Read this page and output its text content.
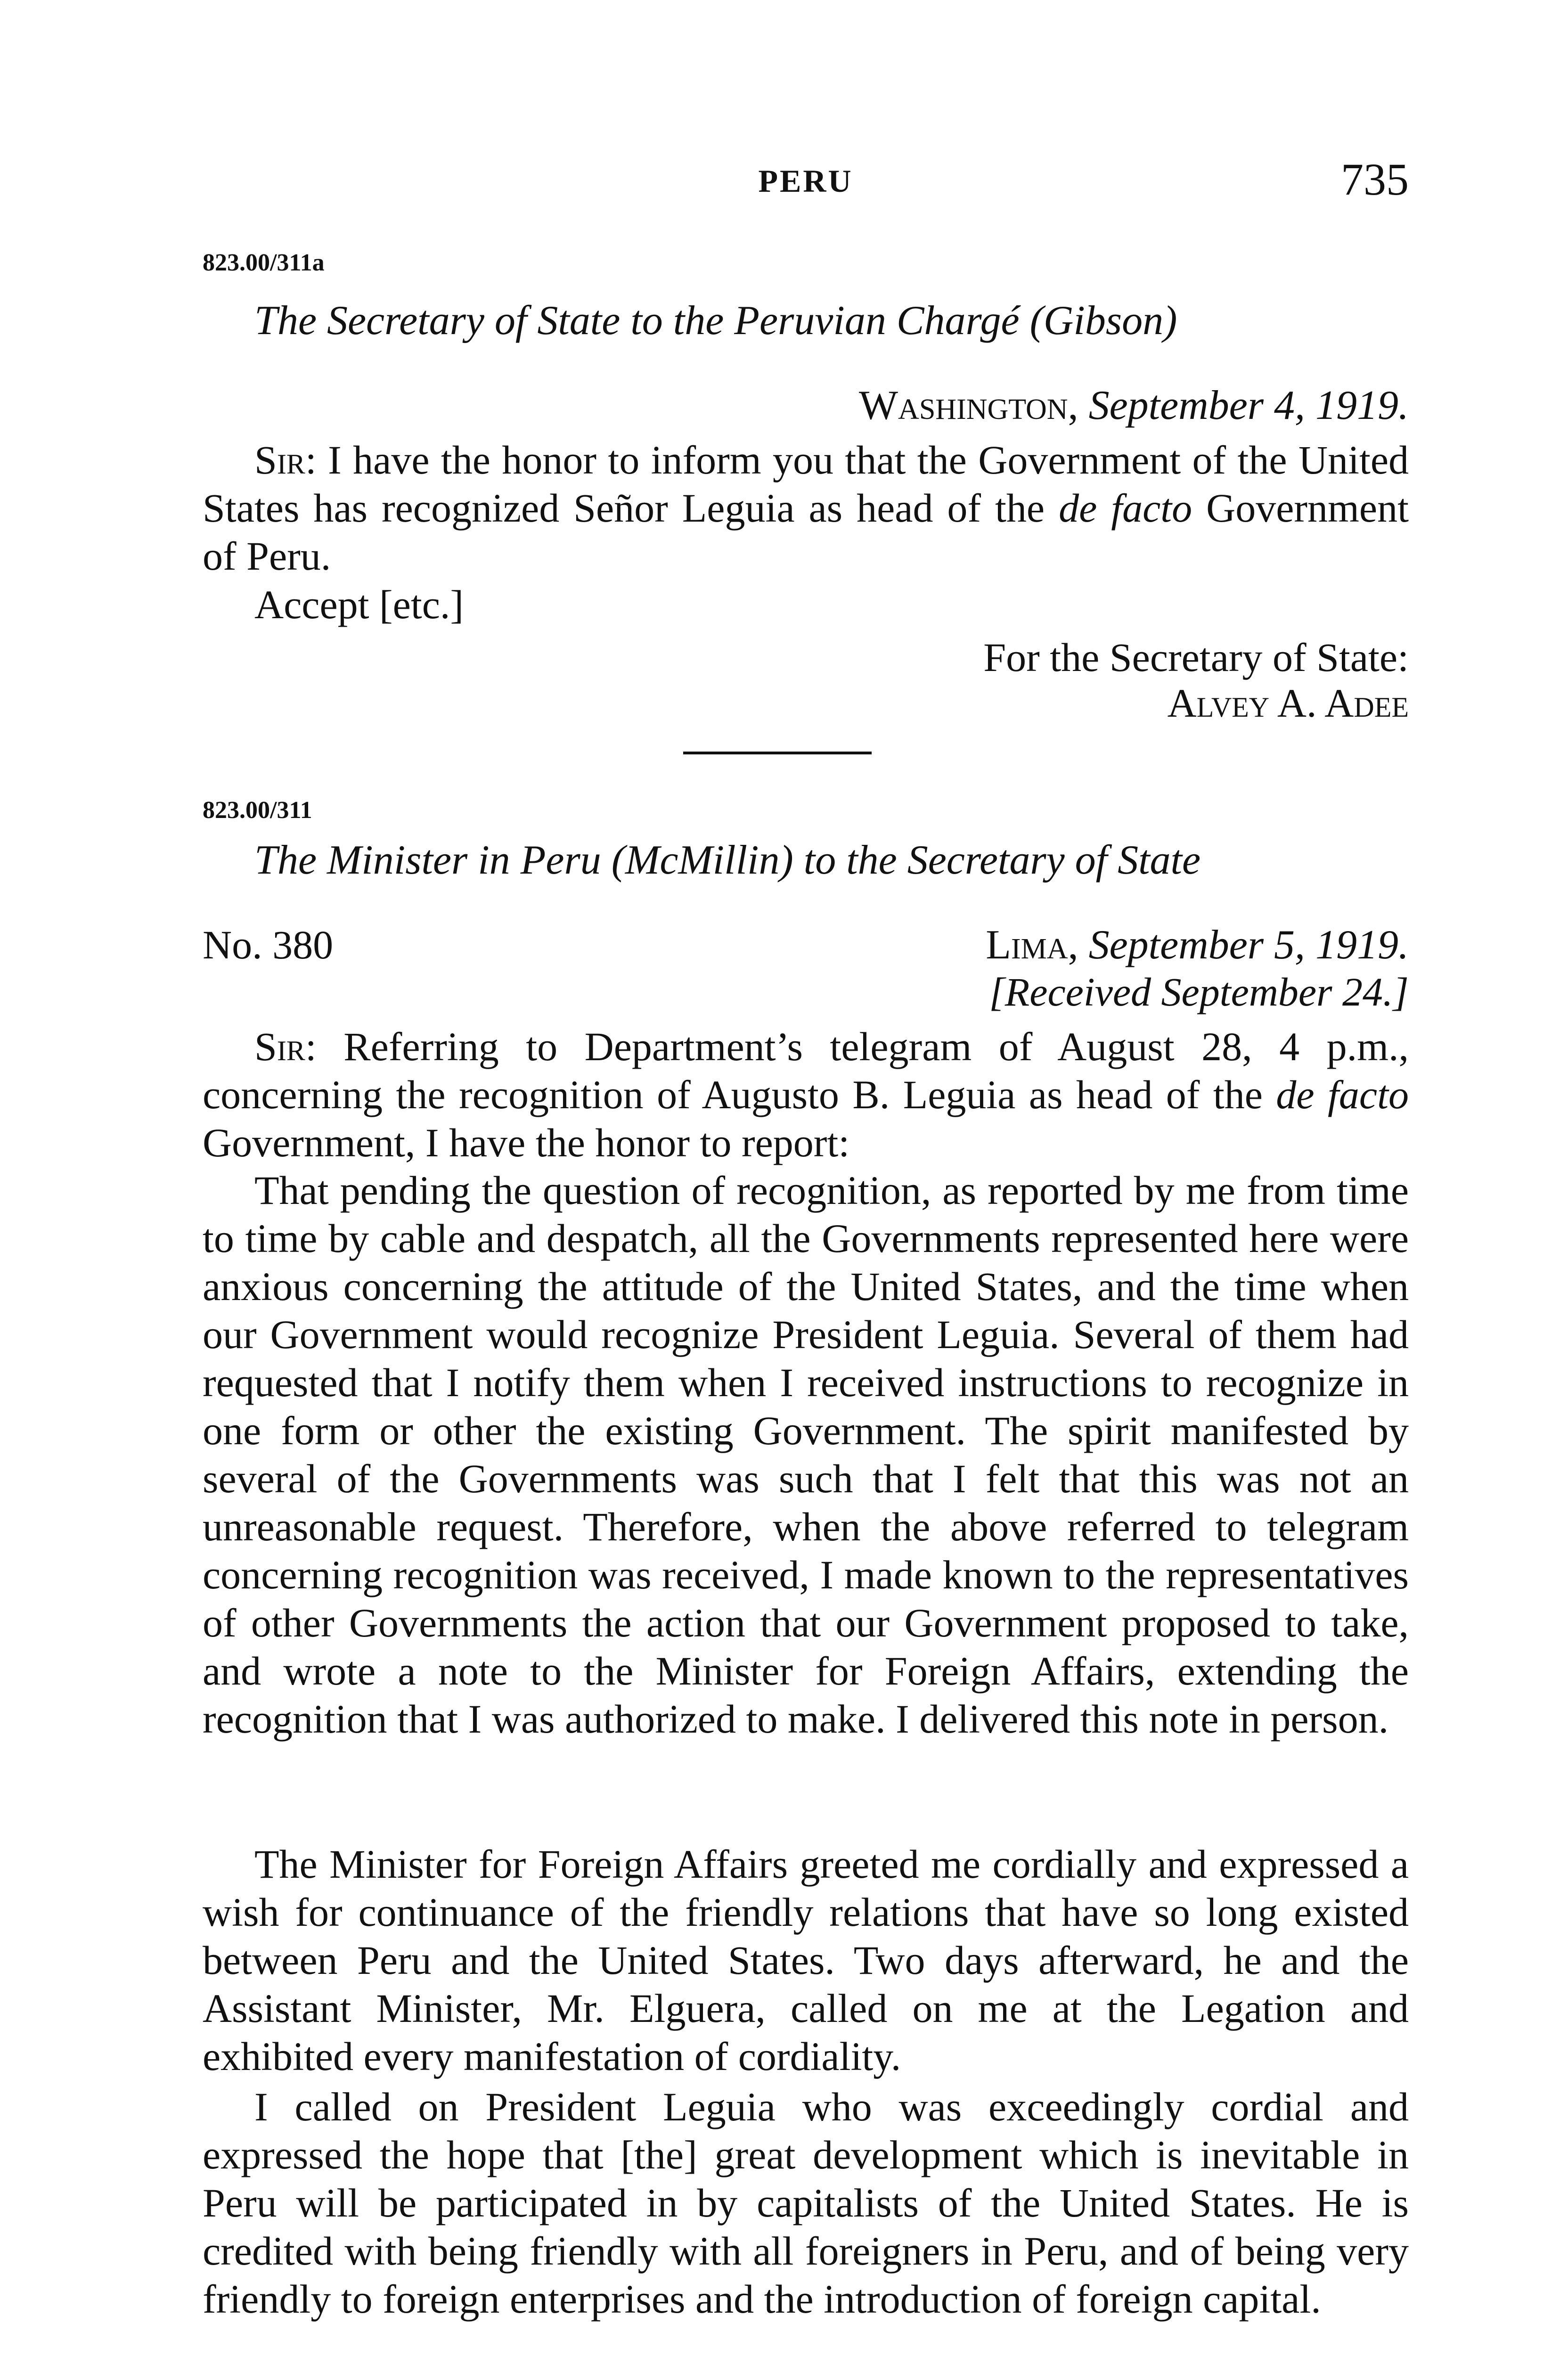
PERU	735
823.00/311a
The Secretary of State to the Peruvian Chargé (Gibson)
Washington, September 4, 1919.

Sir: I have the honor to inform you that the Government of the United States has recognized Señor Leguia as head of the de facto Government of Peru.

Accept [etc.]
For the Secretary of State:
Alvey A. Adee
823.00/311
The Minister in Peru (McMillin) to the Secretary of State
No. 380	Lima, September 5, 1919.
[Received September 24.]

Sir: Referring to Department’s telegram of August 28, 4 p.m., concerning the recognition of Augusto B. Leguia as head of the de facto Government, I have the honor to report:

That pending the question of recognition, as reported by me from time to time by cable and despatch, all the Governments represented here were anxious concerning the attitude of the United States, and the time when our Government would recognize President Leguia. Several of them had requested that I notify them when I received instructions to recognize in one form or other the existing Government. The spirit manifested by several of the Governments was such that I felt that this was not an unreasonable request. Therefore, when the above referred to telegram concerning recognition was received, I made known to the representatives of other Governments the action that our Government proposed to take, and wrote a note to the Minister for Foreign Affairs, extending the recognition that I was authorized to make. I delivered this note in person.

The Minister for Foreign Affairs greeted me cordially and expressed a wish for continuance of the friendly relations that have so long existed between Peru and the United States. Two days afterward, he and the Assistant Minister, Mr. Elguera, called on me at the Legation and exhibited every manifestation of cordiality.

I called on President Leguia who was exceedingly cordial and expressed the hope that [the] great development which is inevitable in Peru will be participated in by capitalists of the United States. He is credited with being friendly with all foreigners in Peru, and of being very friendly to foreign enterprises and the introduction of foreign capital.
